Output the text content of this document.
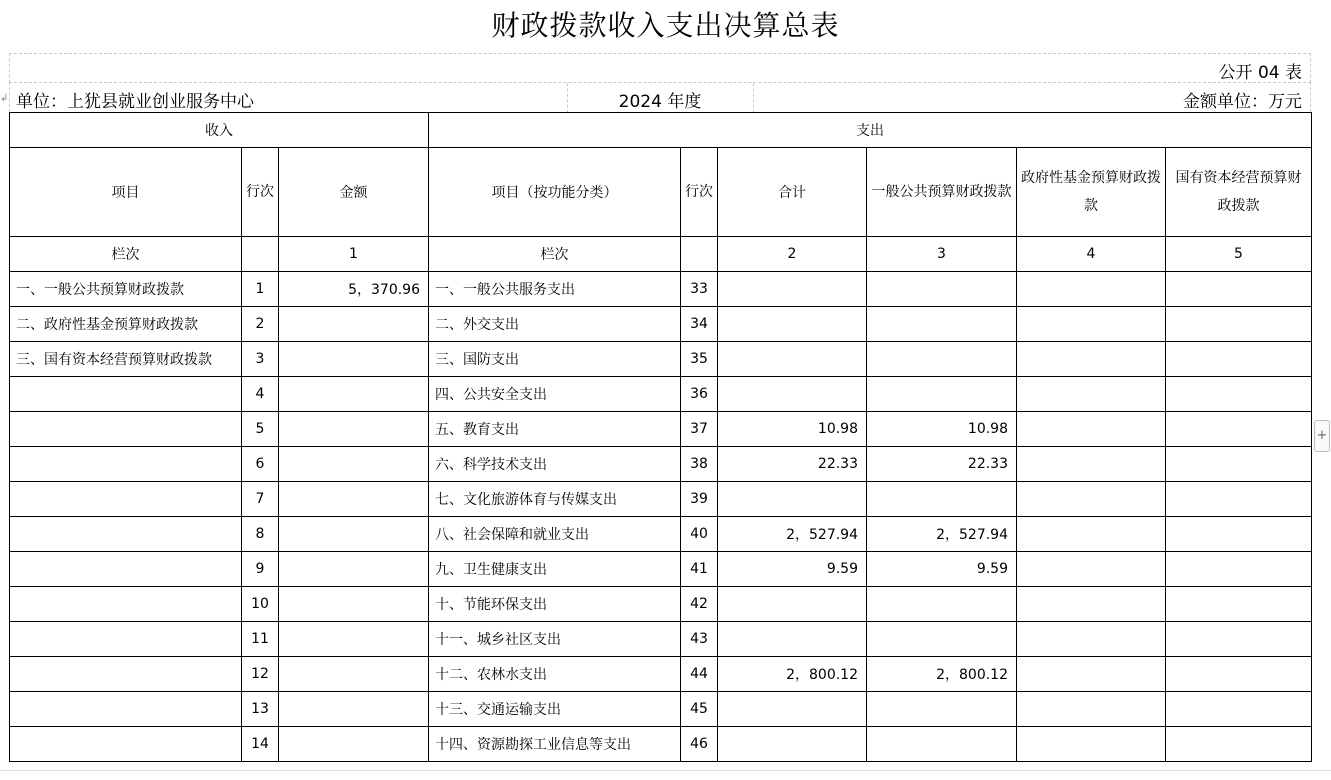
财政拨款收入支出决算总表
公开 04 表
单位：上犹县就业创业服务中心	2024 年度	金额单位：万元
↲
+
收入			支出					
项目	行次	金额	项目（按功能分类）	行次	合计	一般公共预算财政拨款	政府性基金预算财政拨款	国有资本经营预算财政拨款
栏次		1	栏次		2	3	4	5
一、一般公共预算财政拨款	1	5，370.96	一、一般公共服务支出	33				
二、政府性基金预算财政拨款	2		二、外交支出	34				
三、国有资本经营预算财政拨款	3		三、国防支出	35				
	4		四、公共安全支出	36				
	5		五、教育支出	37	10.98	10.98		
	6		六、科学技术支出	38	22.33	22.33		
	7		七、文化旅游体育与传媒支出	39				
	8		八、社会保障和就业支出	40	2，527.94	2，527.94		
	9		九、卫生健康支出	41	9.59	9.59		
	10		十、节能环保支出	42				
	11		十一、城乡社区支出	43				
	12		十二、农林水支出	44	2，800.12	2，800.12		
	13		十三、交通运输支出	45				
	14		十四、资源勘探工业信息等支出	46				
